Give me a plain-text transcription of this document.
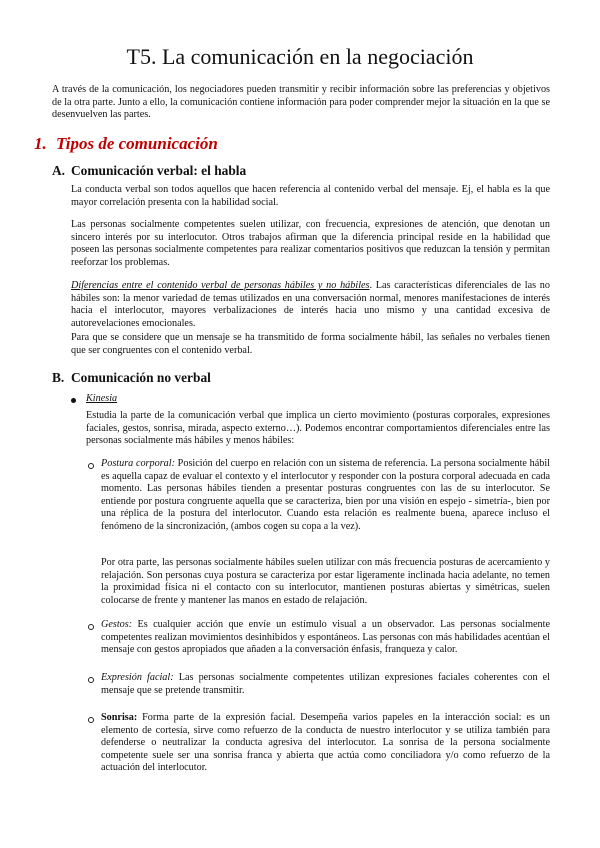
T5. La comunicación en la negociación

A través de la comunicación, los negociadores pueden transmitir y recibir información sobre las preferencias y objetivos de la otra parte. Junto a ello, la comunicación contiene información para poder comprender mejor la situación en la que se desenvuelven las partes.

1. Tipos de comunicación
A. Comunicación verbal: el habla

La conducta verbal son todos aquellos que hacen referencia al contenido verbal del mensaje. Ej, el habla es la que mayor correlación presenta con la habilidad social.

Las personas socialmente competentes suelen utilizar, con frecuencia, expresiones de atención, que denotan un sincero interés por su interlocutor. Otros trabajos afirman que la diferencia principal reside en la habilidad que poseen las personas socialmente competentes para realizar comentarios positivos que reduzcan la tensión y permitan reeforzar los problemas.

Diferencias entre el contenido verbal de personas hábiles y no hábiles. Las características diferenciales de las no hábiles son: la menor variedad de temas utilizados en una conversación normal, menores manifestaciones de interés hacia el interlocutor, mayores verbalizaciones de interés hacia uno mismo y una cantidad excesiva de autorevelaciones emocionales.

Para que se considere que un mensaje se ha transmitido de forma socialmente hábil, las señales no verbales tienen que ser congruentes con el contenido verbal.

B. Comunicación no verbal

Kinesia

Estudia la parte de la comunicación verbal que implica un cierto movimiento (posturas corporales, expresiones faciales, gestos, sonrisa, mirada, aspecto externo…). Podemos encontrar comportamientos diferenciales entre las personas socialmente más hábiles y menos hábiles:

Postura corporal: Posición del cuerpo en relación con un sistema de referencia. La persona socialmente hábil es aquella capaz de evaluar el contexto y el interlocutor y responder con la postura corporal adecuada en cada momento. Las personas hábiles tienden a presentar posturas congruentes con las de su interlocutor. Se entiende por postura congruente aquella que se caracteriza, bien por una visión en espejo - simetría-, bien por una réplica de la postura del interlocutor. Cuando esta relación es realmente buena, aparece incluso el fenómeno de la sincronización, (ambos cogen su copa a la vez).

Por otra parte, las personas socialmente hábiles suelen utilizar con más frecuencia posturas de acercamiento y relajación. Son personas cuya postura se caracteriza por estar ligeramente inclinada hacia adelante, no temen la proximidad física ni el contacto con su interlocutor, mantienen posturas abiertas y simétricas, suelen colocarse de frente y mantener las manos en estado de relajación.

Gestos: Es cualquier acción que envíe un estímulo visual a un observador. Las personas socialmente competentes realizan movimientos desinhibidos y espontáneos. Las personas con más habilidades acentúan el mensaje con gestos apropiados que añaden a la conversación énfasis, franqueza y calor.

Expresión facial: Las personas socialmente competentes utilizan expresiones faciales coherentes con el mensaje que se pretende transmitir.

Sonrisa: Forma parte de la expresión facial. Desempeña varios papeles en la interacción social: es un elemento de cortesía, sirve como refuerzo de la conducta de nuestro interlocutor y se utiliza también para defenderse o neutralizar la conducta agresiva del interlocutor. La sonrisa de la persona socialmente competente suele ser una sonrisa franca y abierta que actúa como conciliadora y/o como refuerzo de la actuación del interlocutor.
